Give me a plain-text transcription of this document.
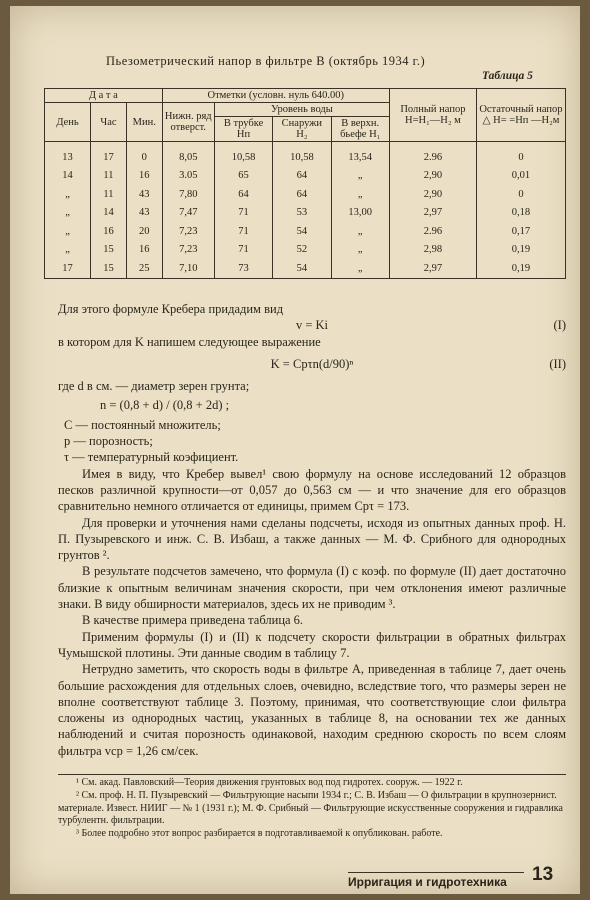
Пьезометрический напор в фильтре В (октябрь 1934 г.)
Таблица 5
Д а т а			Отметки (условн. нуль 640.00)				Полный напор H=H₁—H₂ м	Остаточный напор △ H= =Hп —H₂м
День	Час	Мин.	Нижн. ряд отверст.	Уровень воды				
				В трубке Нп	Снаружи H₂	В верхн. бьефе H₁		
13	17	0	8,05	10,58	10,58	13,54	2.96	0
14	11	16	3.05	65	64	„	2,90	0,01
„	11	43	7,80	64	64	„	2,90	0
„	14	43	7,47	71	53	13,00	2,97	0,18
„	16	20	7,23	71	54	„	2.96	0,17
„	15	16	7,23	71	52	„	2,98	0,19
17	15	25	7,10	73	54	„	2,97	0,19

Для этого формуле Кребера придадим вид

v = Ki	(I)

в котором для K напишем следующее выражение

K = Cpτn(d/90)ⁿ	(II)

где d в см. — диаметр зерен грунта;

n = (0,8 + d) / (0,8 + 2d) ;

C — постоянный множитель;

p — порозность;

τ — температурный коэфициент.

Имея в виду, что Кребер вывел¹ свою формулу на основе исследований 12 образцов песков различной крупности—от 0,057 до 0,563 см — и что значение для его образцов сравнительно немного отличается от единицы, примем Cpτ = 173.

Для проверки и уточнения нами сделаны подсчеты, исходя из опытных данных проф. Н. П. Пузыревского и инж. С. В. Избаш, а также данных — М. Ф. Срибного для однородных грунтов ².

В результате подсчетов замечено, что формула (I) с коэф. по формуле (II) дает достаточно близкие к опытным величинам значения скорости, при чем отклонения имеют различные знаки. В виду обширности материалов, здесь их не приводим ³.

В качестве примера приведена таблица 6.

Применим формулы (I) и (II) к подсчету скорости фильтрации в обратных фильтрах Чумышской плотины. Эти данные сводим в таблицу 7.

Нетрудно заметить, что скорость воды в фильтре А, приведенная в таблице 7, дает очень большие расхождения для отдельных слоев, очевидно, вследствие того, что размеры зерен не вполне соответствуют таблице 3. Поэтому, принимая, что соответствующие слои фильтра сложены из однородных частиц, указанных в таблице 8, на основании тех же данных наблюдений и считая порозность одинаковой, находим среднюю скорость по всем слоям фильтра vср = 1,26 см/сек.

¹ См. акад. Павловский—Теория движения грунтовых вод под гидротех. сооруж. — 1922 г.
² См. проф. Н. П. Пузыревский — Фильтрующие насыпи 1934 г.; С. В. Избаш — О фильтрации в крупнозернист. материале. Извест. НИИГ — № 1 (1931 г.); М. Ф. Срибный — Фильтрующие искусственные сооружения и гидравлика турбулентн. фильтрации.
³ Более подробно этот вопрос разбирается в подготавливаемой к опубликован. работе.
Ирригация и гидротехника	13
